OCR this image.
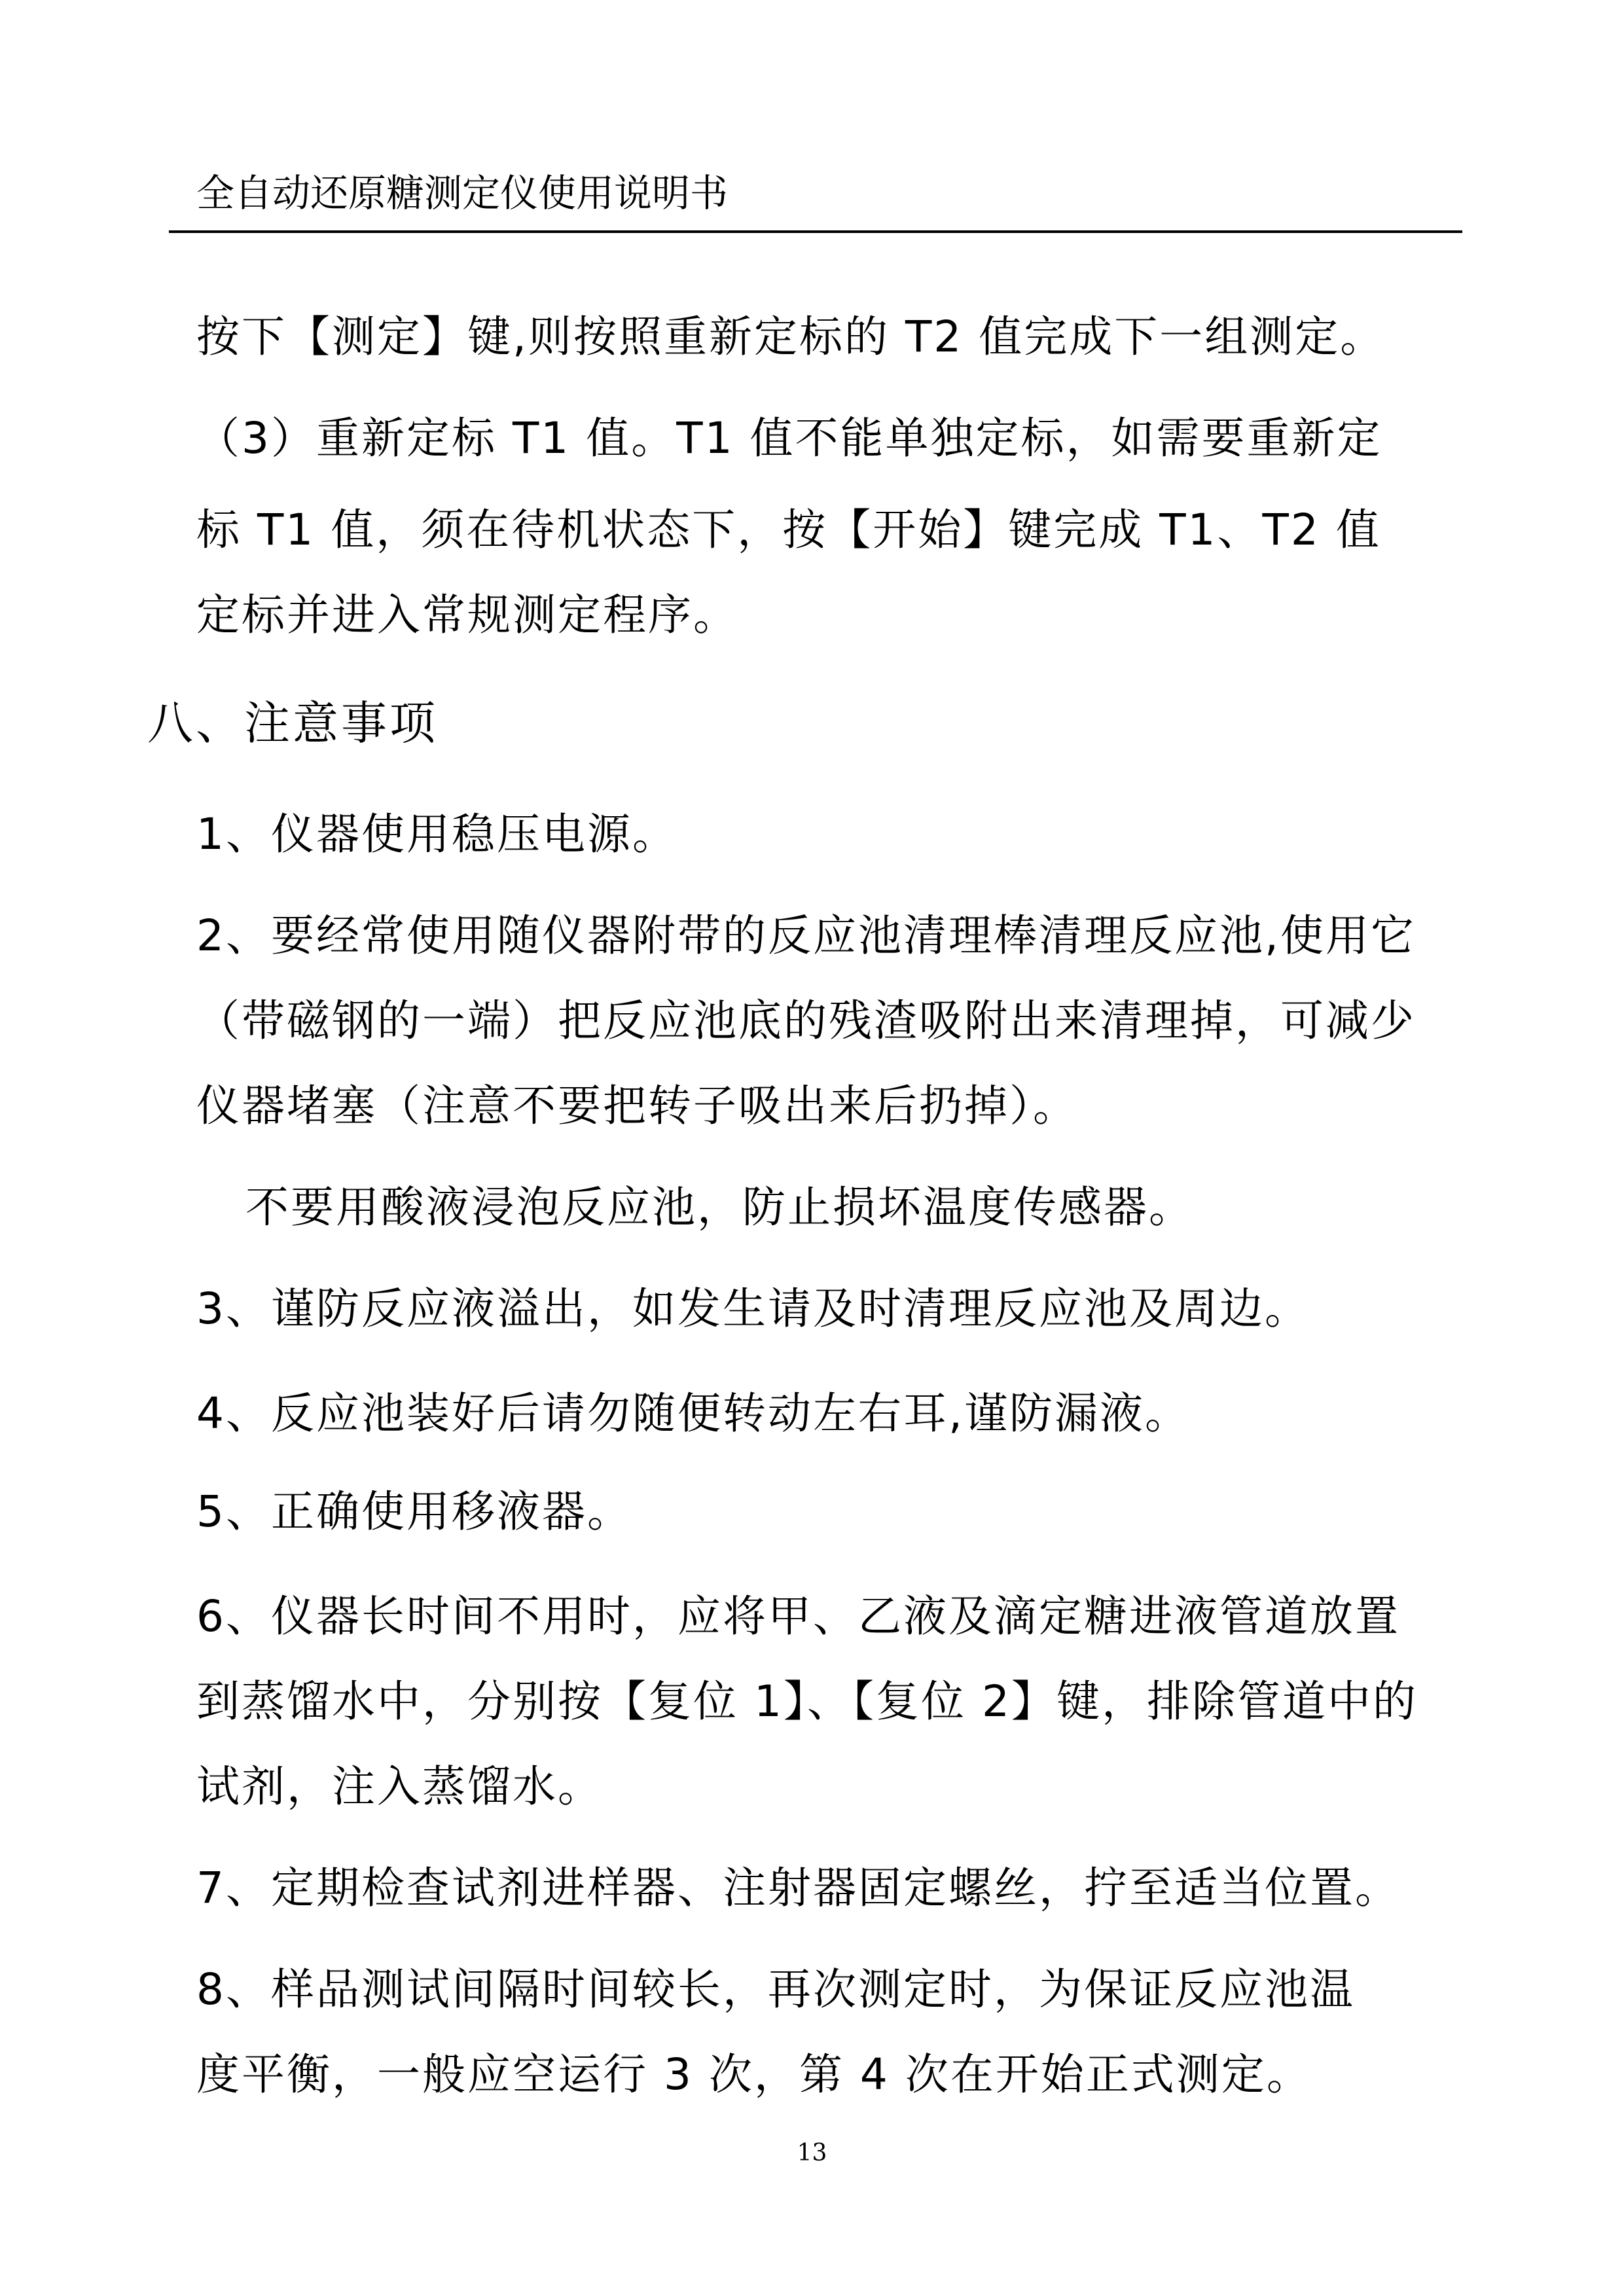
全自动还原糖测定仪使用说明书
按下【测定】键,则按照重新定标的 T2 值完成下一组测定。
（3）重新定标 T1 值。T1 值不能单独定标，如需要重新定
标 T1 值，须在待机状态下，按【开始】键完成 T1、T2 值
定标并进入常规测定程序。
八、注意事项
1、仪器使用稳压电源。
2、要经常使用随仪器附带的反应池清理棒清理反应池,使用它
（带磁钢的一端）把反应池底的残渣吸附出来清理掉，可减少
仪器堵塞（注意不要把转子吸出来后扔掉）。
不要用酸液浸泡反应池，防止损坏温度传感器。
3、谨防反应液溢出，如发生请及时清理反应池及周边。
4、反应池装好后请勿随便转动左右耳,谨防漏液。
5、正确使用移液器。
6、仪器长时间不用时，应将甲、乙液及滴定糖进液管道放置
到蒸馏水中，分别按【复位 1】、【复位 2】键，排除管道中的
试剂，注入蒸馏水。
7、定期检查试剂进样器、注射器固定螺丝，拧至适当位置。
8、样品测试间隔时间较长，再次测定时，为保证反应池温
度平衡，一般应空运行 3 次，第 4 次在开始正式测定。
13
